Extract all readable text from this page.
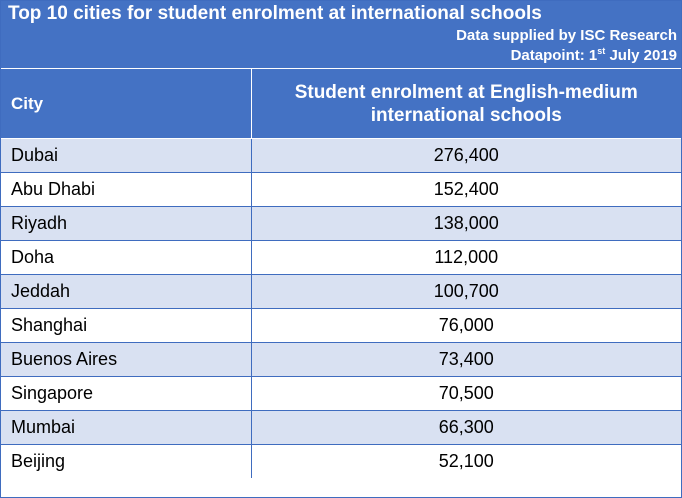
Top 10 cities for student enrolment at international schools
Data supplied by ISC Research
Datapoint: 1st July 2019
City	Student enrolment at English-medium international schools
Dubai	276,400
Abu Dhabi	152,400
Riyadh	138,000
Doha	112,000
Jeddah	100,700
Shanghai	76,000
Buenos Aires	73,400
Singapore	70,500
Mumbai	66,300
Beijing	52,100
